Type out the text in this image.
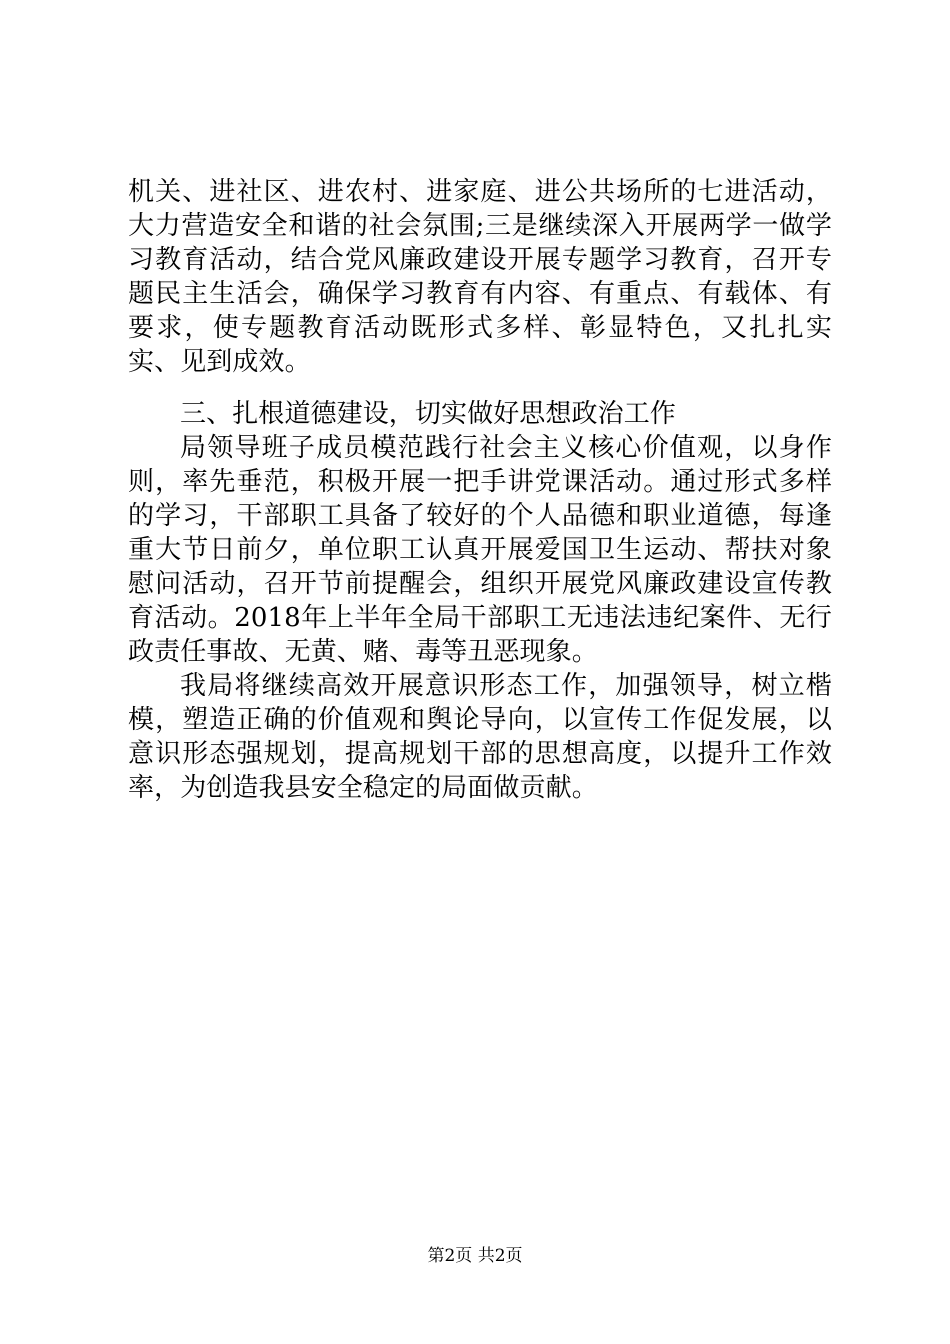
机关、进社区、进农村、进家庭、进公共场所的七进活动，大力营造安全和谐的社会氛围;三是继续深入开展两学一做学习教育活动，结合党风廉政建设开展专题学习教育，召开专题民主生活会，确保学习教育有内容、有重点、有载体、有要求，使专题教育活动既形式多样、彰显特色，又扎扎实实、见到成效。

三、扎根道德建设，切实做好思想政治工作

局领导班子成员模范践行社会主义核心价值观，以身作则，率先垂范，积极开展一把手讲党课活动。通过形式多样的学习，干部职工具备了较好的个人品德和职业道德，每逢重大节日前夕，单位职工认真开展爱国卫生运动、帮扶对象慰问活动，召开节前提醒会，组织开展党风廉政建设宣传教育活动。2018年上半年全局干部职工无违法违纪案件、无行政责任事故、无黄、赌、毒等丑恶现象。

我局将继续高效开展意识形态工作，加强领导，树立楷模，塑造正确的价值观和舆论导向，以宣传工作促发展，以意识形态强规划，提高规划干部的思想高度，以提升工作效率，为创造我县安全稳定的局面做贡献。

第2页 共2页
